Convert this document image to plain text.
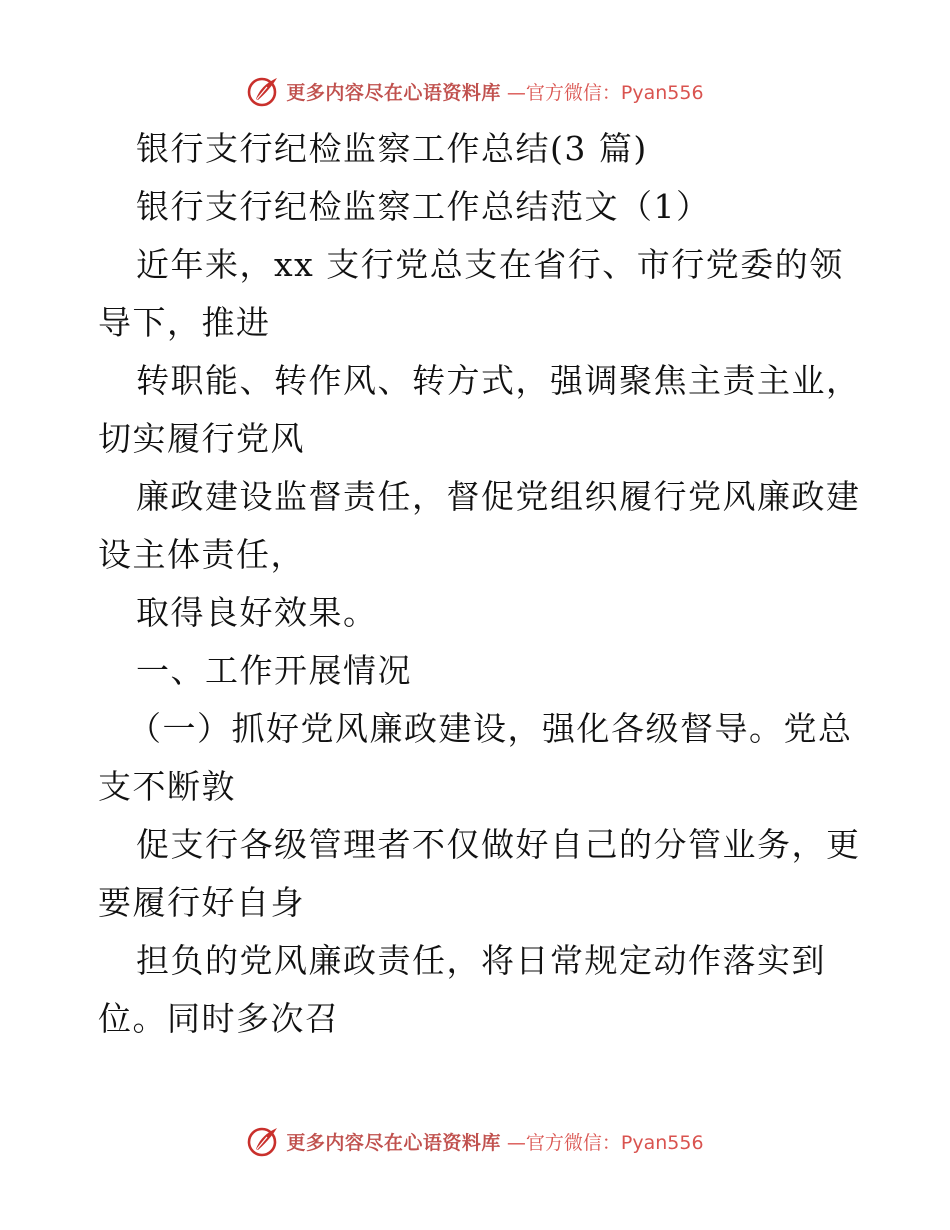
更多内容尽在心语资料库 —官方微信：Pyan556
银行支行纪检监察工作总结(3 篇)
银行支行纪检监察工作总结范文（1）
近年来，xx 支行党总支在省行、市行党委的领
导下，推进
转职能、转作风、转方式，强调聚焦主责主业，
切实履行党风
廉政建设监督责任，督促党组织履行党风廉政建
设主体责任，
取得良好效果。
一、工作开展情况
（一）抓好党风廉政建设，强化各级督导。党总
支不断敦
促支行各级管理者不仅做好自己的分管业务，更
要履行好自身
担负的党风廉政责任，将日常规定动作落实到
位。同时多次召
更多内容尽在心语资料库 —官方微信：Pyan556
